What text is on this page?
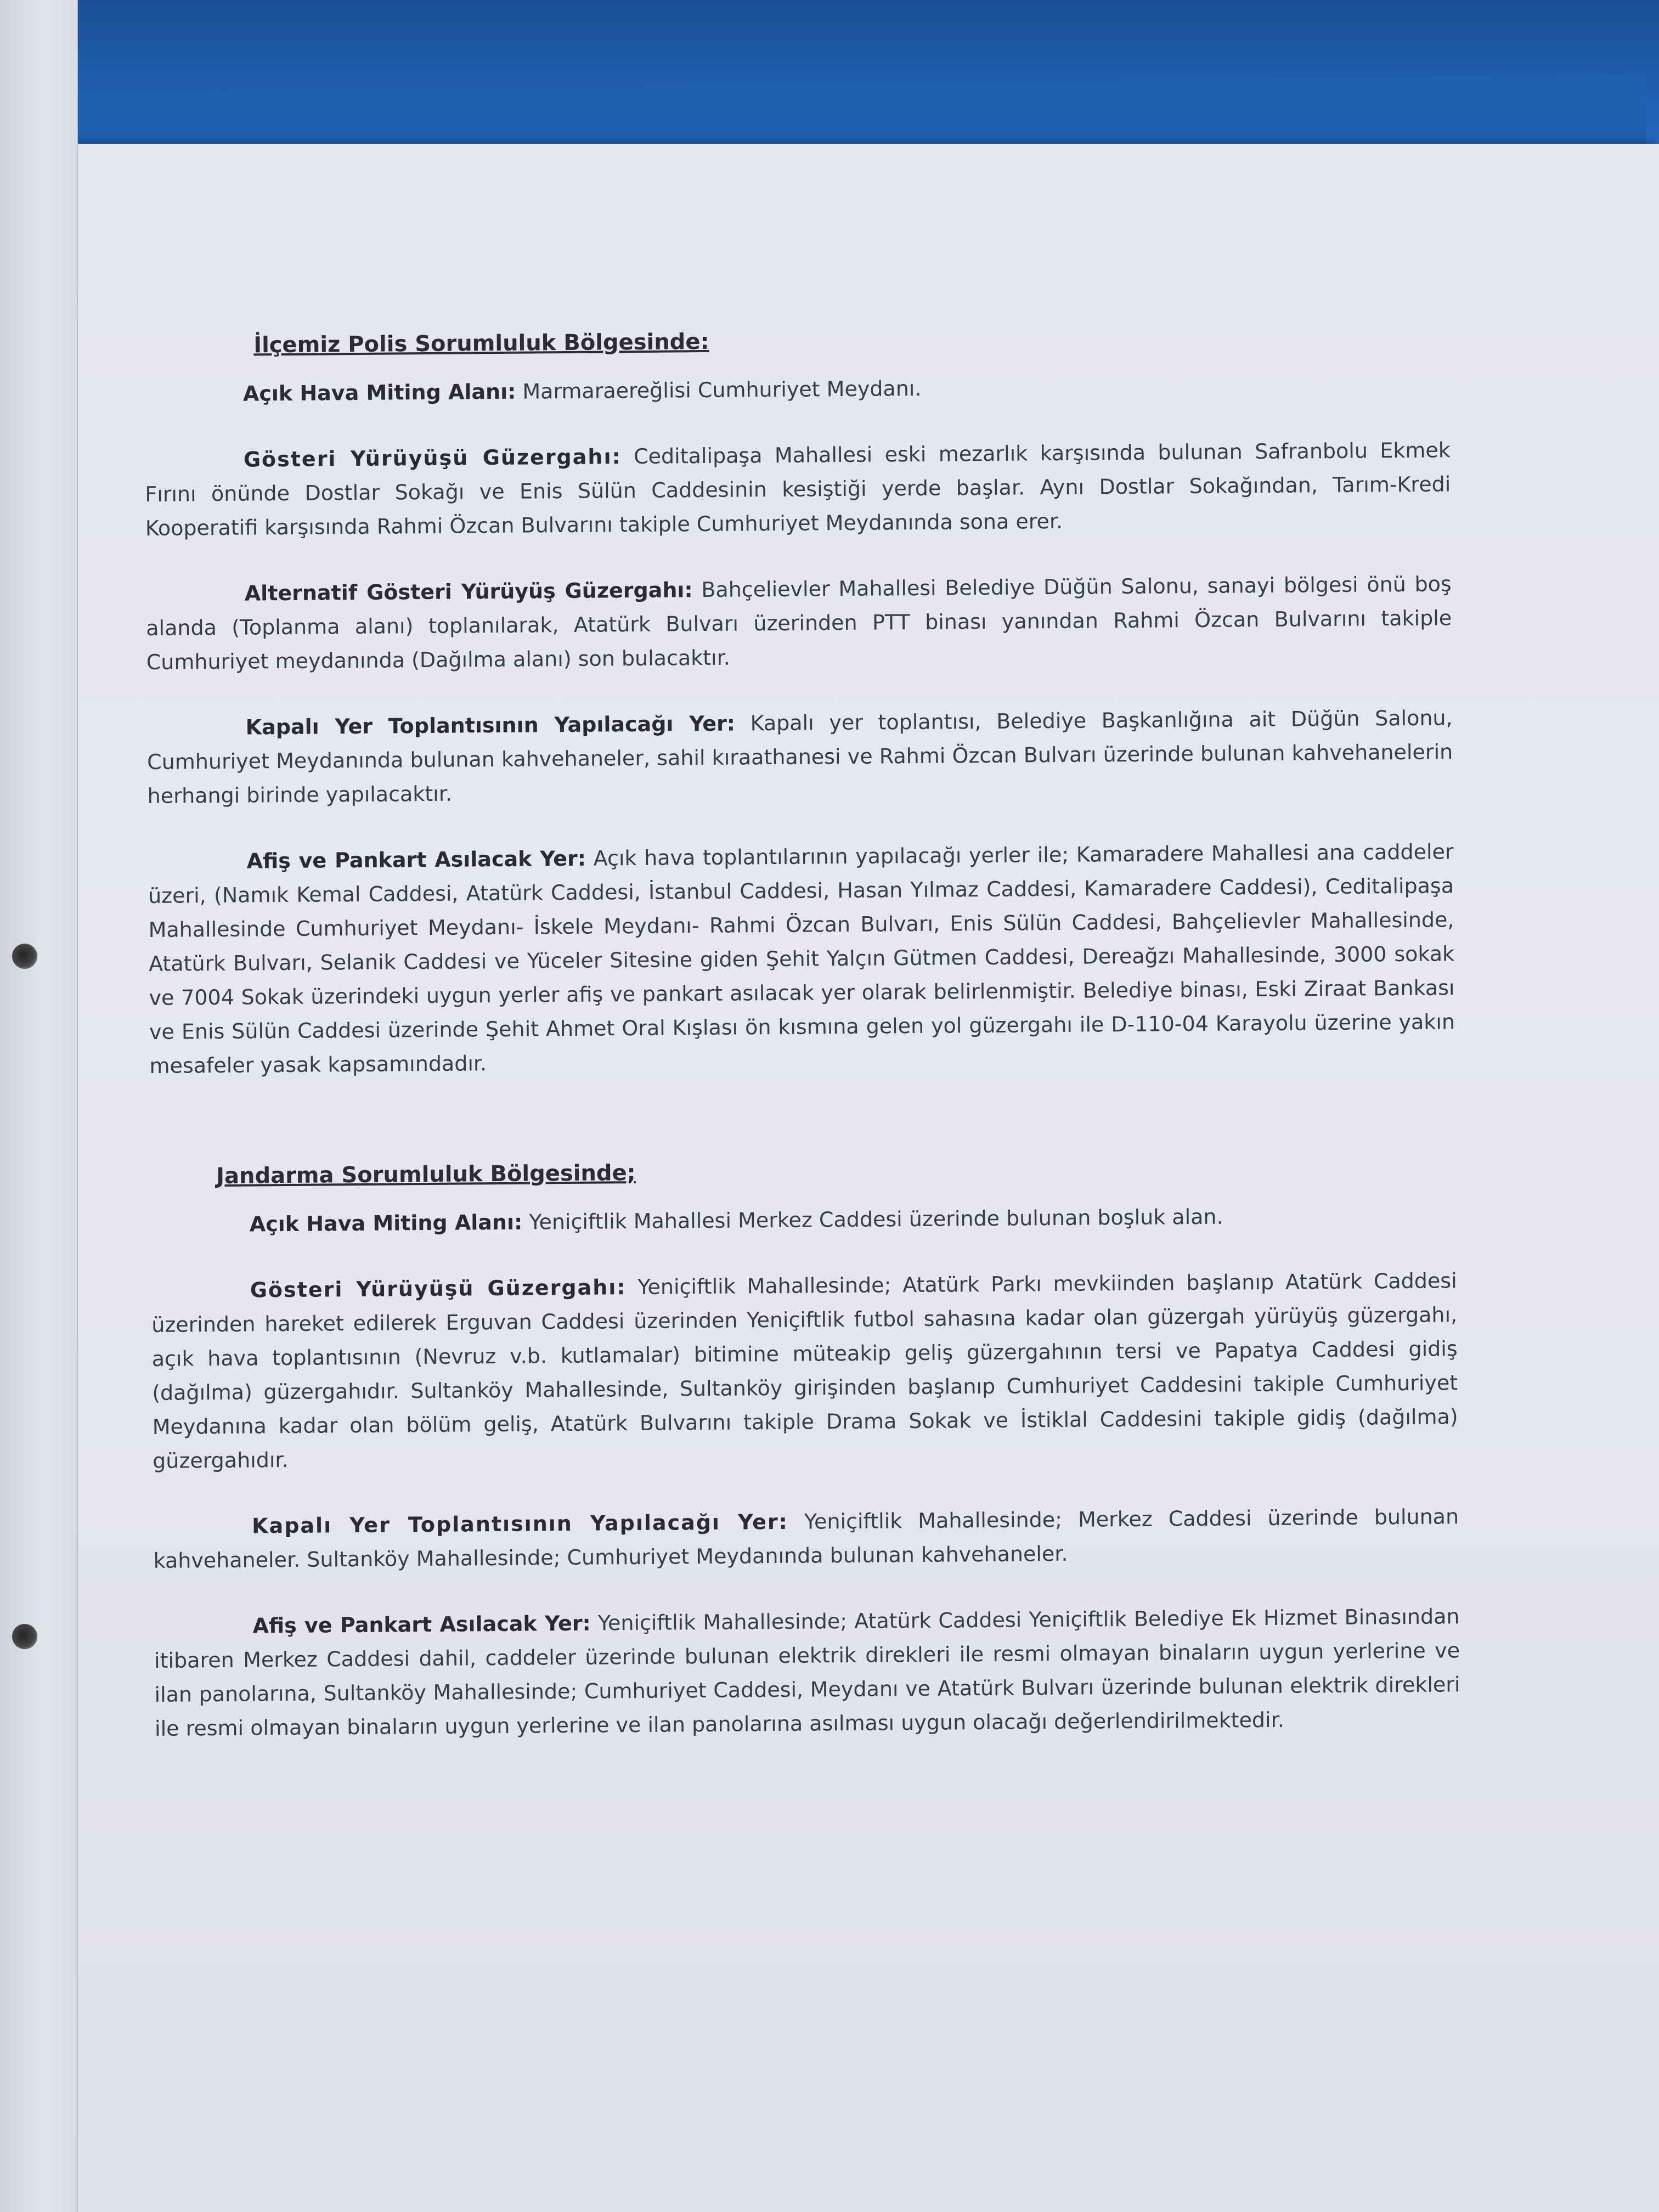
İlçemiz Polis Sorumluluk Bölgesinde:

Açık Hava Miting Alanı: Marmaraereğlisi Cumhuriyet Meydanı.

Gösteri Yürüyüşü Güzergahı: Ceditalipaşa Mahallesi eski mezarlık karşısında bulunan Safranbolu Ekmek Fırını önünde Dostlar Sokağı ve Enis Sülün Caddesinin kesiştiği yerde başlar. Aynı Dostlar Sokağından, Tarım-Kredi Kooperatifi karşısında Rahmi Özcan Bulvarını takiple Cumhuriyet Meydanında sona erer.

Alternatif Gösteri Yürüyüş Güzergahı: Bahçelievler Mahallesi Belediye Düğün Salonu, sanayi bölgesi önü boş alanda (Toplanma alanı) toplanılarak, Atatürk Bulvarı üzerinden PTT binası yanından Rahmi Özcan Bulvarını takiple Cumhuriyet meydanında (Dağılma alanı) son bulacaktır.

Kapalı Yer Toplantısının Yapılacağı Yer: Kapalı yer toplantısı, Belediye Başkanlığına ait Düğün Salonu, Cumhuriyet Meydanında bulunan kahvehaneler, sahil kıraathanesi ve Rahmi Özcan Bulvarı üzerinde bulunan kahvehanelerin herhangi birinde yapılacaktır.

Afiş ve Pankart Asılacak Yer: Açık hava toplantılarının yapılacağı yerler ile; Kamaradere Mahallesi ana caddeler üzeri, (Namık Kemal Caddesi, Atatürk Caddesi, İstanbul Caddesi, Hasan Yılmaz Caddesi, Kamaradere Caddesi), Ceditalipaşa Mahallesinde Cumhuriyet Meydanı- İskele Meydanı- Rahmi Özcan Bulvarı, Enis Sülün Caddesi, Bahçelievler Mahallesinde, Atatürk Bulvarı, Selanik Caddesi ve Yüceler Sitesine giden Şehit Yalçın Gütmen Caddesi, Dereağzı Mahallesinde, 3000 sokak ve 7004 Sokak üzerindeki uygun yerler afiş ve pankart asılacak yer olarak belirlenmiştir. Belediye binası, Eski Ziraat Bankası ve Enis Sülün Caddesi üzerinde Şehit Ahmet Oral Kışlası ön kısmına gelen yol güzergahı ile D-110-04 Karayolu üzerine yakın mesafeler yasak kapsamındadır.

Jandarma Sorumluluk Bölgesinde;

Açık Hava Miting Alanı: Yeniçiftlik Mahallesi Merkez Caddesi üzerinde bulunan boşluk alan.

Gösteri Yürüyüşü Güzergahı: Yeniçiftlik Mahallesinde; Atatürk Parkı mevkiinden başlanıp Atatürk Caddesi üzerinden hareket edilerek Erguvan Caddesi üzerinden Yeniçiftlik futbol sahasına kadar olan güzergah yürüyüş güzergahı, açık hava toplantısının (Nevruz v.b. kutlamalar) bitimine müteakip geliş güzergahının tersi ve Papatya Caddesi gidiş (dağılma) güzergahıdır. Sultanköy Mahallesinde, Sultanköy girişinden başlanıp Cumhuriyet Caddesini takiple Cumhuriyet Meydanına kadar olan bölüm geliş, Atatürk Bulvarını takiple Drama Sokak ve İstiklal Caddesini takiple gidiş (dağılma) güzergahıdır.

Kapalı Yer Toplantısının Yapılacağı Yer: Yeniçiftlik Mahallesinde; Merkez Caddesi üzerinde bulunan kahvehaneler. Sultanköy Mahallesinde; Cumhuriyet Meydanında bulunan kahvehaneler.

Afiş ve Pankart Asılacak Yer: Yeniçiftlik Mahallesinde; Atatürk Caddesi Yeniçiftlik Belediye Ek Hizmet Binasından itibaren Merkez Caddesi dahil, caddeler üzerinde bulunan elektrik direkleri ile resmi olmayan binaların uygun yerlerine ve ilan panolarına, Sultanköy Mahallesinde; Cumhuriyet Caddesi, Meydanı ve Atatürk Bulvarı üzerinde bulunan elektrik direkleri ile resmi olmayan binaların uygun yerlerine ve ilan panolarına asılması uygun olacağı değerlendirilmektedir.
